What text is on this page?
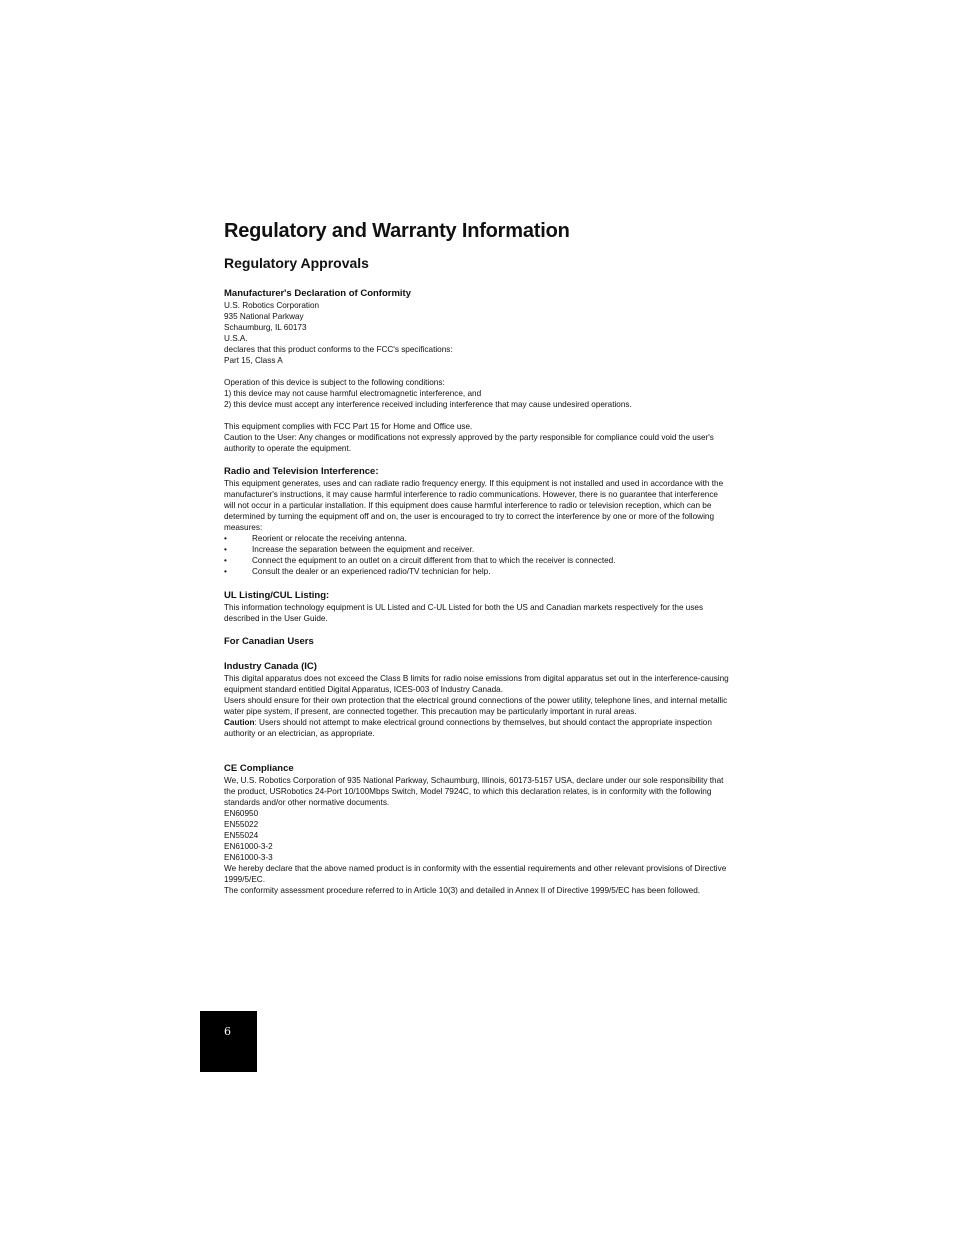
Regulatory and Warranty Information
Regulatory Approvals
Manufacturer's Declaration of Conformity

U.S. Robotics Corporation
935 National Parkway
Schaumburg, IL 60173
U.S.A.
declares that this product conforms to the FCC's specifications:
Part 15, Class A

Operation of this device is subject to the following conditions:
1) this device may not cause harmful electromagnetic interference, and
2) this device must accept any interference received including interference that may cause undesired operations.

This equipment complies with FCC Part 15 for Home and Office use.

Caution to the User: Any changes or modifications not expressly approved by the party responsible for compliance could void the user's authority to operate the equipment.

Radio and Television Interference:

This equipment generates, uses and can radiate radio frequency energy. If this equipment is not installed and used in accordance with the manufacturer's instructions, it may cause harmful interference to radio communications. However, there is no guarantee that interference will not occur in a particular installation. If this equipment does cause harmful interference to radio or television reception, which can be determined by turning the equipment off and on, the user is encouraged to try to correct the interference by one or more of the following measures:

•	Reorient or relocate the receiving antenna.
•	Increase the separation between the equipment and receiver.
•	Connect the equipment to an outlet on a circuit different from that to which the receiver is connected.
•	Consult the dealer or an experienced radio/TV technician for help.
UL Listing/CUL Listing:

This information technology equipment is UL Listed and C-UL Listed for both the US and Canadian markets respectively for the uses described in the User Guide.

For Canadian Users
Industry Canada (IC)

This digital apparatus does not exceed the Class B limits for radio noise emissions from digital apparatus set out in the interference-causing equipment standard entitled Digital Apparatus, ICES-003 of Industry Canada.

Users should ensure for their own protection that the electrical ground connections of the power utility, telephone lines, and internal metallic water pipe system, if present, are connected together. This precaution may be particularly important in rural areas.

Caution: Users should not attempt to make electrical ground connections by themselves, but should contact the appropriate inspection authority or an electrician, as appropriate.

CE Compliance

We, U.S. Robotics Corporation of 935 National Parkway, Schaumburg, Illinois, 60173-5157 USA, declare under our sole responsibility that the product, USRobotics 24-Port 10/100Mbps Switch, Model 7924C, to which this declaration relates, is in conformity with the following standards and/or other normative documents.

EN60950
EN55022
EN55024
EN61000-3-2
EN61000-3-3

We hereby declare that the above named product is in conformity with the essential requirements and other relevant provisions of Directive 1999/5/EC.

The conformity assessment procedure referred to in Article 10(3) and detailed in Annex II of Directive 1999/5/EC has been followed.

6
